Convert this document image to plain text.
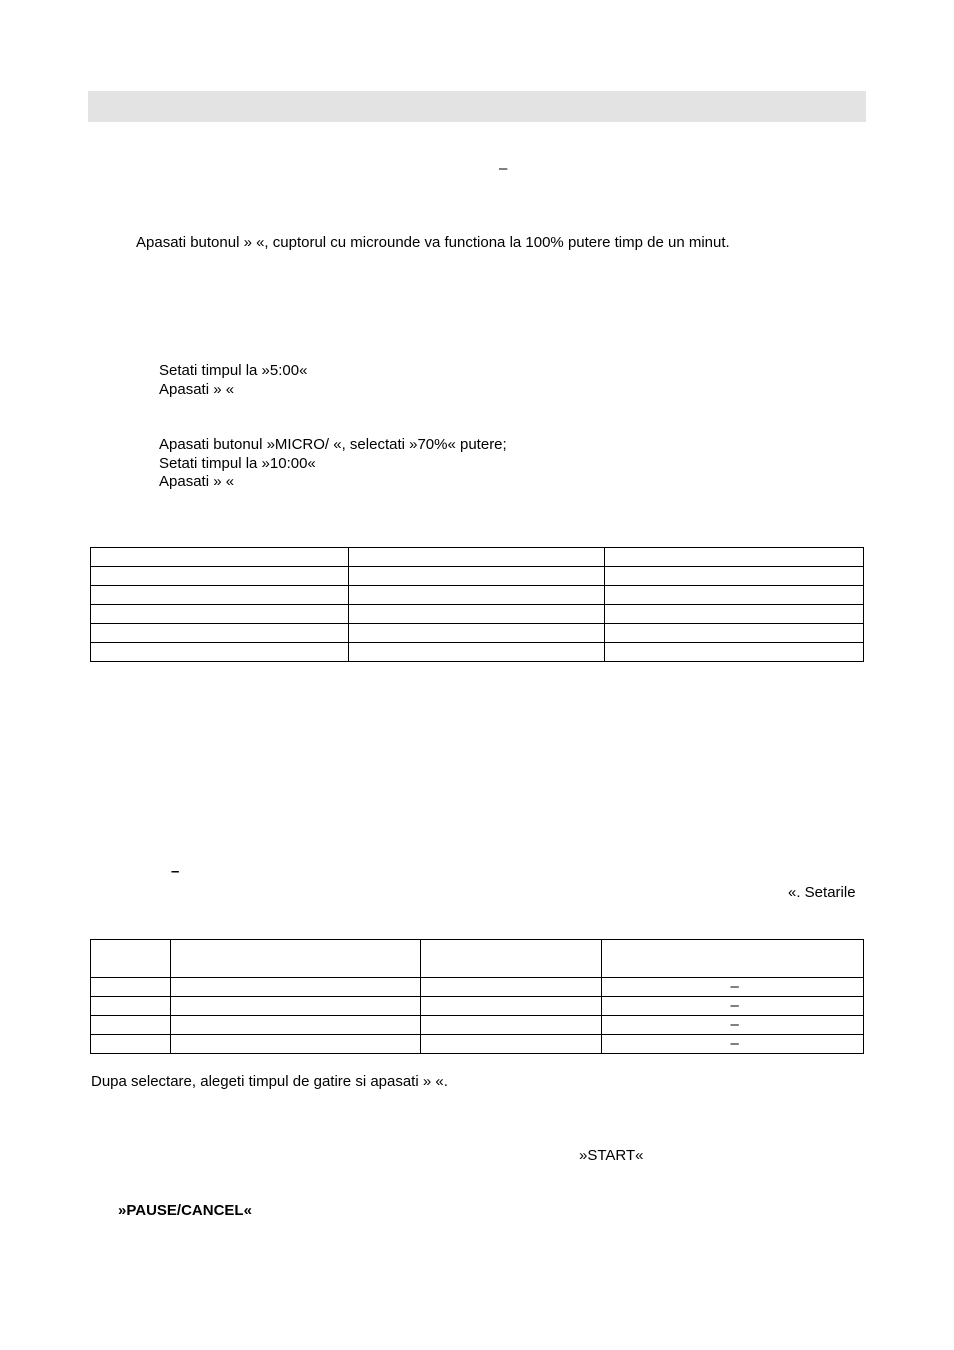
–
Apasati butonul » «, cuptorul cu microunde va functiona la 100% putere timp de un minut.
Setati timpul la »5:00«
Apasati » «
Apasati butonul »MICRO/ «, selectati »70%« putere;
Setati timpul la »10:00«
Apasati » «

–
«. Setarile

			–
			–
			–
			–
Dupa selectare, alegeti timpul de gatire si apasati » «.
»START«
»PAUSE/CANCEL«
